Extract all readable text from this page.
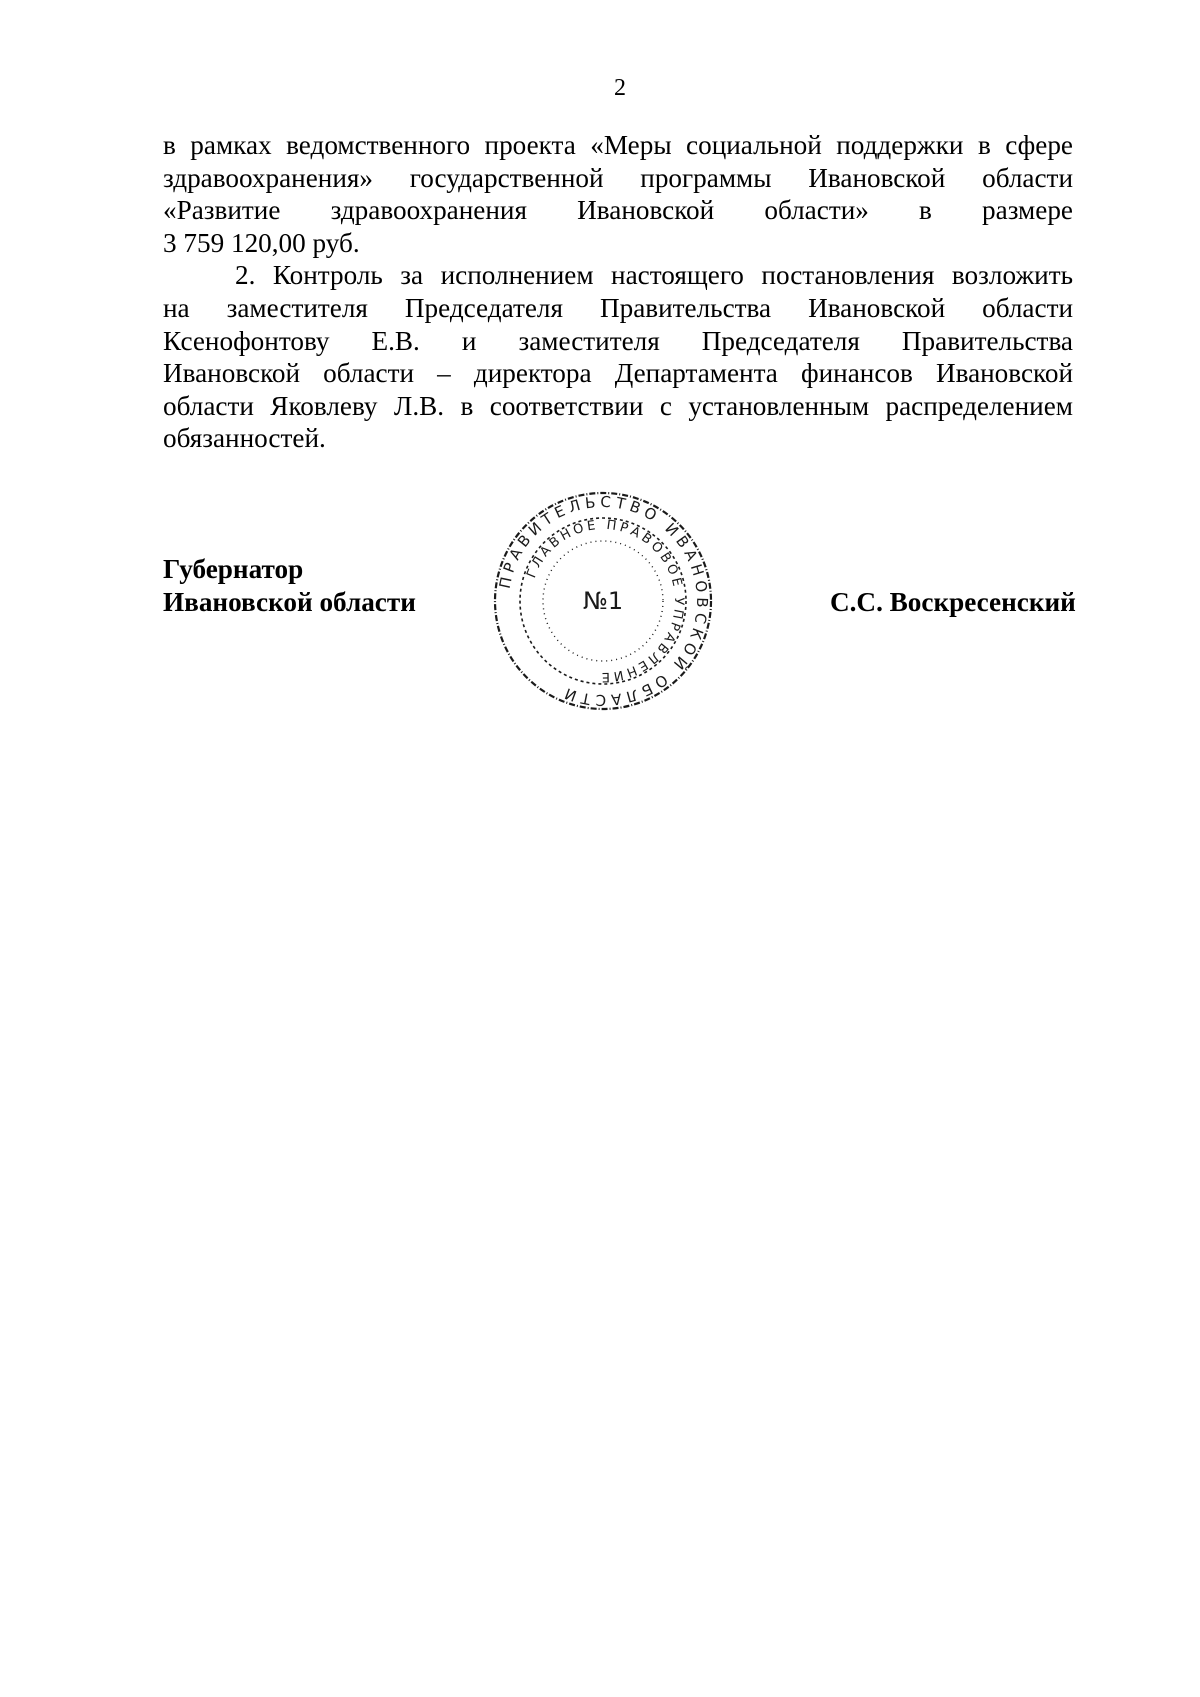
2

в рамках ведомственного проекта «Меры социальной поддержки в сфере
здравоохранения» государственной программы Ивановской области
«Развитие здравоохранения Ивановской области» в размере
3 759 120,00 руб.

2. Контроль за исполнением настоящего постановления возложить
на заместителя Председателя Правительства Ивановской области
Ксенофонтову Е.В. и заместителя Председателя Правительства
Ивановской области – директора Департамента финансов Ивановской
области Яковлеву Л.В. в соответствии с установленным распределением
обязанностей.

Губернатор
Ивановской области	С.С. Воскресенский
ПРАВИТЕЛЬСТВО ИВАНОВСКОЙ ОБЛАСТИ
ГЛАВНОЕ ПРАВОВОЕ УПРАВЛЕНИЕ
№1
